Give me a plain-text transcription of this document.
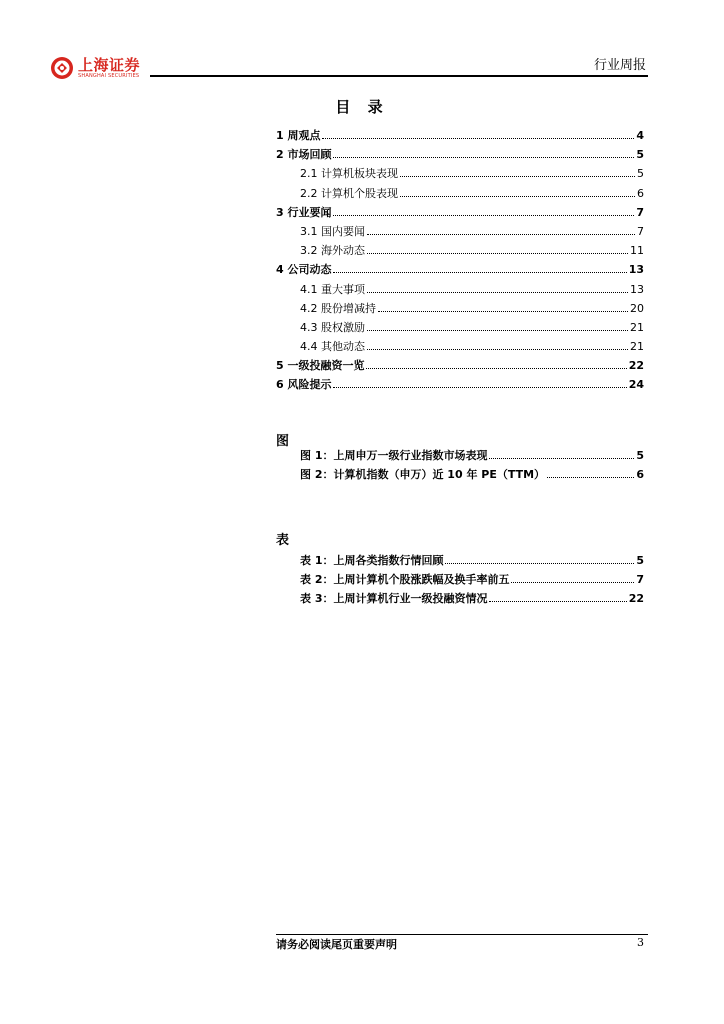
上海证券
SHANGHAI SECURITIES
行业周报
目 录
1 周观点	4
2 市场回顾	5
2.1 计算机板块表现	5
2.2 计算机个股表现	6
3 行业要闻	7
3.1 国内要闻	7
3.2 海外动态	11
4 公司动态	13
4.1 重大事项	13
4.2 股份增减持	20
4.3 股权激励	21
4.4 其他动态	21
5 一级投融资一览	22
6 风险提示	24
图
图 1：上周申万一级行业指数市场表现	5
图 2：计算机指数（申万）近 10 年 PE（TTM）	6
表
表 1：上周各类指数行情回顾	5
表 2：上周计算机个股涨跌幅及换手率前五	7
表 3：上周计算机行业一级投融资情况	22
请务必阅读尾页重要声明	3
